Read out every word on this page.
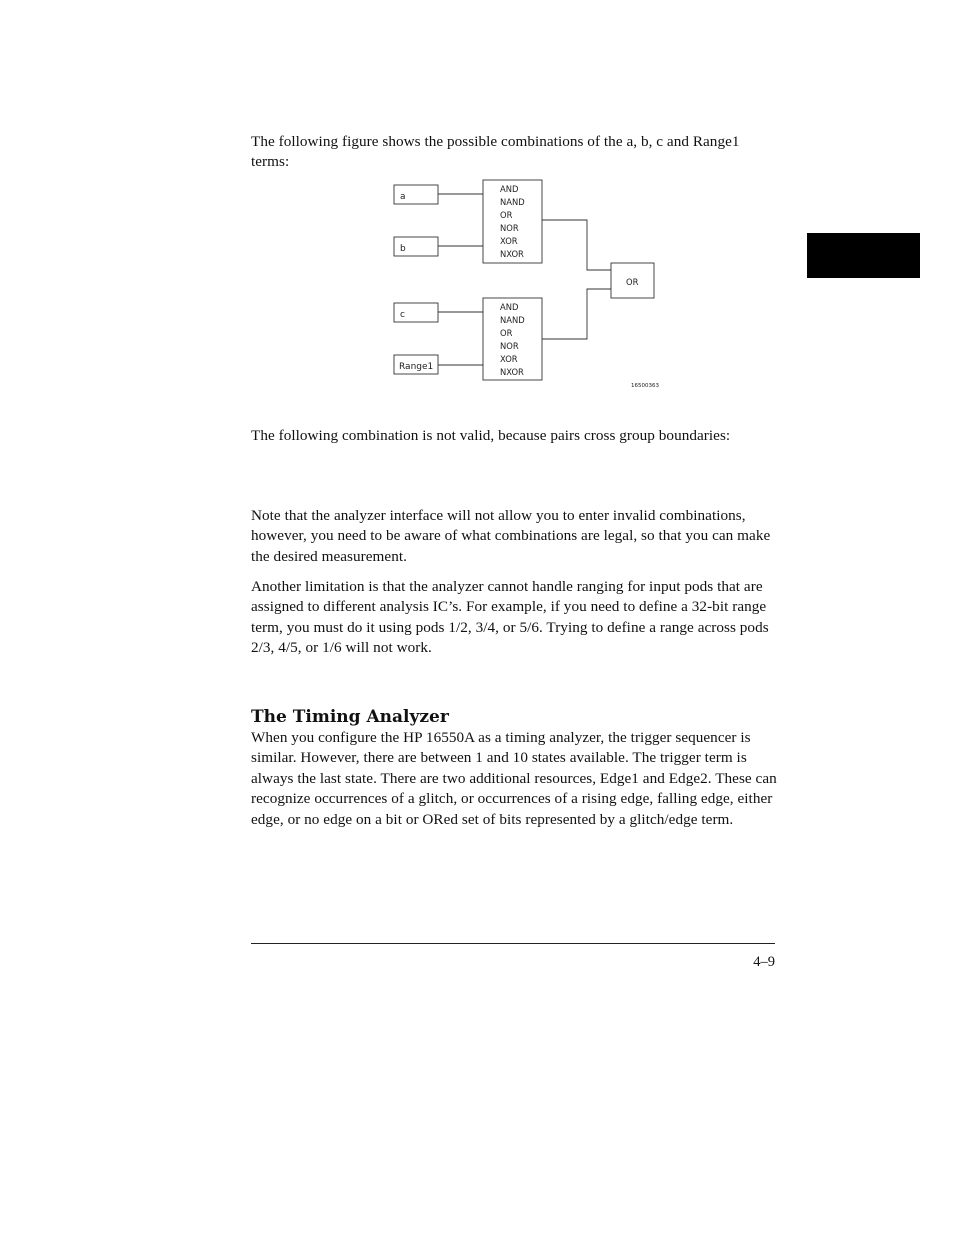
The following figure shows the possible combinations of the a, b, c and Range1 terms:

a
b
c
Range1
AND
NAND
OR
NOR
XOR
NXOR
AND
NAND
OR
NOR
XOR
NXOR
OR
16500363

The following combination is not valid, because pairs cross group boundaries:

Note that the analyzer interface will not allow you to enter invalid combinations, however, you need to be aware of what combinations are legal, so that you can make the desired measurement.

Another limitation is that the analyzer cannot handle ranging for input pods that are assigned to different analysis IC’s. For example, if you need to define a 32-bit range term, you must do it using pods 1/2, 3/4, or 5/6. Trying to define a range across pods 2/3, 4/5, or 1/6 will not work.

The Timing Analyzer

When you configure the HP 16550A as a timing analyzer, the trigger sequencer is similar. However, there are between 1 and 10 states available. The trigger term is always the last state. There are two additional resources, Edge1 and Edge2. These can recognize occurrences of a glitch, or occurrences of a rising edge, falling edge, either edge, or no edge on a bit or ORed set of bits represented by a glitch/edge term.

4–9
